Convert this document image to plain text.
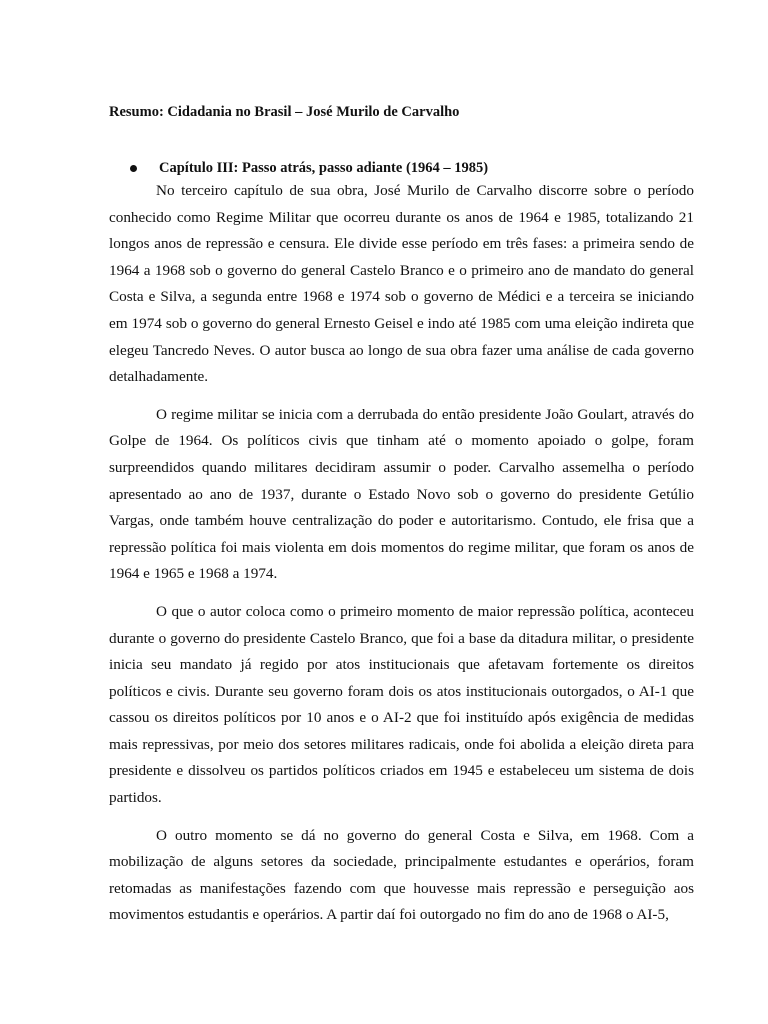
Resumo: Cidadania no Brasil – José Murilo de Carvalho

Capítulo III: Passo atrás, passo adiante (1964 – 1985)

No terceiro capítulo de sua obra, José Murilo de Carvalho discorre sobre o período conhecido como Regime Militar que ocorreu durante os anos de 1964 e 1985, totalizando 21 longos anos de repressão e censura. Ele divide esse período em três fases: a primeira sendo de 1964 a 1968 sob o governo do general Castelo Branco e o primeiro ano de mandato do general Costa e Silva, a segunda entre 1968 e 1974 sob o governo de Médici e a terceira se iniciando em 1974 sob o governo do general Ernesto Geisel e indo até 1985 com uma eleição indireta que elegeu Tancredo Neves. O autor busca ao longo de sua obra fazer uma análise de cada governo detalhadamente.

O regime militar se inicia com a derrubada do então presidente João Goulart, através do Golpe de 1964. Os políticos civis que tinham até o momento apoiado o golpe, foram surpreendidos quando militares decidiram assumir o poder. Carvalho assemelha o período apresentado ao ano de 1937, durante o Estado Novo sob o governo do presidente Getúlio Vargas, onde também houve centralização do poder e autoritarismo. Contudo, ele frisa que a repressão política foi mais violenta em dois momentos do regime militar, que foram os anos de 1964 e 1965 e 1968 a 1974.

O que o autor coloca como o primeiro momento de maior repressão política, aconteceu durante o governo do presidente Castelo Branco, que foi a base da ditadura militar, o presidente inicia seu mandato já regido por atos institucionais que afetavam fortemente os direitos políticos e civis. Durante seu governo foram dois os atos institucionais outorgados, o AI-1 que cassou os direitos políticos por 10 anos e o AI-2 que foi instituído após exigência de medidas mais repressivas, por meio dos setores militares radicais, onde foi abolida a eleição direta para presidente e dissolveu os partidos políticos criados em 1945 e estabeleceu um sistema de dois partidos.

O outro momento se dá no governo do general Costa e Silva, em 1968. Com a mobilização de alguns setores da sociedade, principalmente estudantes e operários, foram retomadas as manifestações fazendo com que houvesse mais repressão e perseguição aos movimentos estudantis e operários. A partir daí foi outorgado no fim do ano de 1968 o AI-5,
